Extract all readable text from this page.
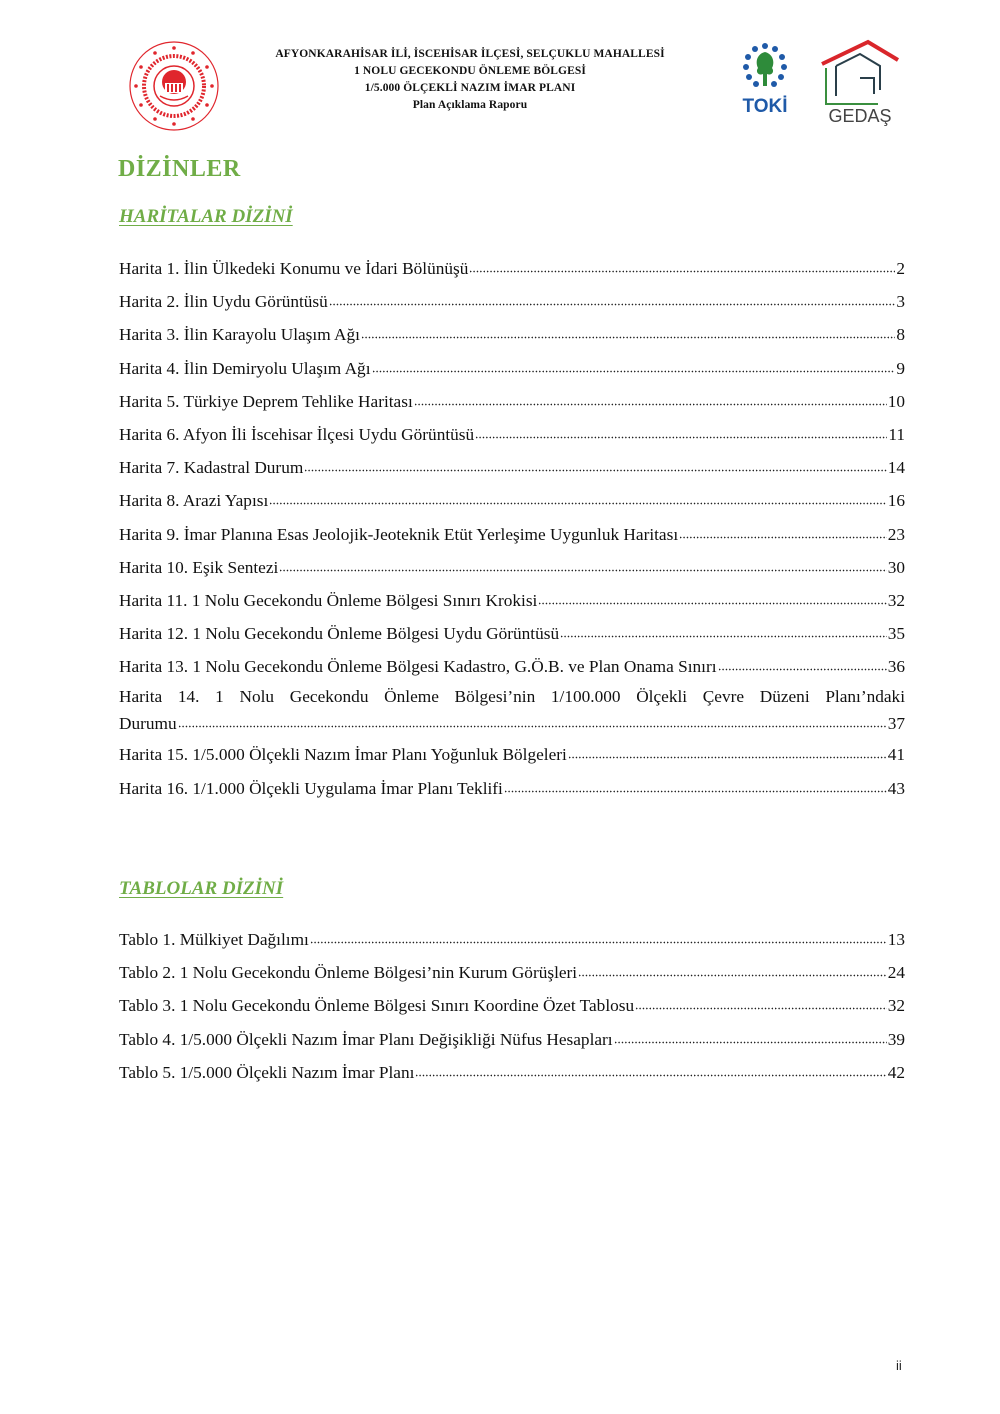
AFYONKARAHİSAR İLİ, İSCEHİSAR İLÇESİ, SELÇUKLU MAHALLESİ
1 NOLU GECEKONDU ÖNLEME BÖLGESİ
1/5.000 ÖLÇEKLİ NAZIM İMAR PLANI
Plan Açıklama Raporu	TOKİ GEDAŞ
DİZİNLER
HARİTALAR DİZİNİ
Harita 1. İlin Ülkedeki Konumu ve İdari Bölünüşü	2
Harita 2. İlin Uydu Görüntüsü	3
Harita 3. İlin Karayolu Ulaşım Ağı	8
Harita 4. İlin Demiryolu Ulaşım Ağı	9
Harita 5. Türkiye Deprem Tehlike Haritası	10
Harita 6. Afyon İli İscehisar İlçesi Uydu Görüntüsü	11
Harita 7. Kadastral Durum	14
Harita 8. Arazi Yapısı	16
Harita 9. İmar Planına Esas Jeolojik-Jeoteknik Etüt Yerleşime Uygunluk Haritası	23
Harita 10. Eşik Sentezi	30
Harita 11. 1 Nolu Gecekondu Önleme Bölgesi Sınırı Krokisi	32
Harita 12. 1 Nolu Gecekondu Önleme Bölgesi Uydu Görüntüsü	35
Harita 13. 1 Nolu Gecekondu Önleme Bölgesi Kadastro, G.Ö.B. ve Plan Onama Sınırı	36
Harita 14. 1 Nolu Gecekondu Önleme Bölgesi’nin 1/100.000 Ölçekli Çevre Düzeni Planı’ndaki
Durumu	37
Harita 15. 1/5.000 Ölçekli Nazım İmar Planı Yoğunluk Bölgeleri	41
Harita 16. 1/1.000 Ölçekli Uygulama İmar Planı Teklifi	43
TABLOLAR DİZİNİ
Tablo 1. Mülkiyet Dağılımı	13
Tablo 2. 1 Nolu Gecekondu Önleme Bölgesi’nin Kurum Görüşleri	24
Tablo 3. 1 Nolu Gecekondu Önleme Bölgesi Sınırı Koordine Özet Tablosu	32
Tablo 4. 1/5.000 Ölçekli Nazım İmar Planı Değişikliği Nüfus Hesapları	39
Tablo 5. 1/5.000 Ölçekli Nazım İmar Planı	42
ii
